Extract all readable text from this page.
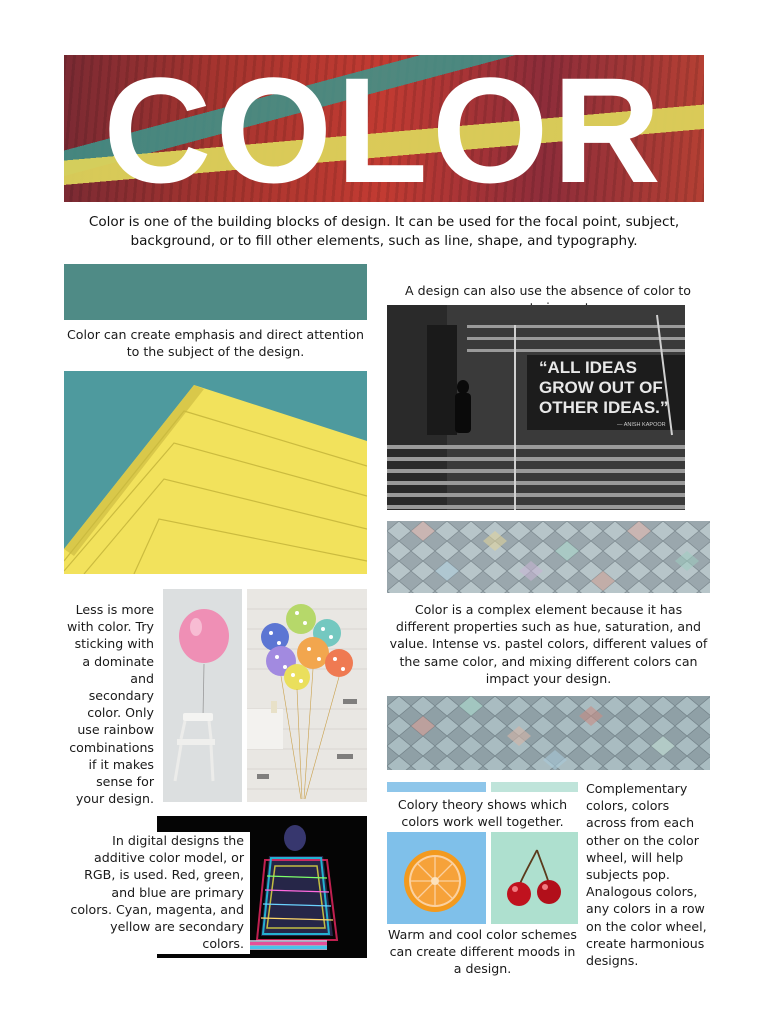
COLOR
Color is one of the building blocks of design. It can be used for the focal point, subject, background, or to fill other elements, such as line, shape, and typography.
Color can create emphasis and direct attention to the subject of the design.
A design can also use the absence of color to
“ALL IDEAS
GROW OUT OF
OTHER IDEAS.”
— ANISH KAPOOR
Color is a complex element because it has different properties such as hue, saturation, and value. Intense vs. pastel colors, different values of the same color, and mixing different colors can impact your design.
Less is more with color. Try sticking with a dominate and secondary color. Only use rainbow combinations if it makes sense for your design.
In digital designs the additive color model, or RGB, is used. Red, green, and blue are primary colors. Cyan, magenta, and yellow are secondary colors.
Colory theory shows which colors work well together.
Warm and cool color schemes can create different moods in a design.
Complementary colors, colors across from each other on the color wheel, will help subjects pop. Analogous colors, any colors in a row on the color wheel, create harmonious designs.
